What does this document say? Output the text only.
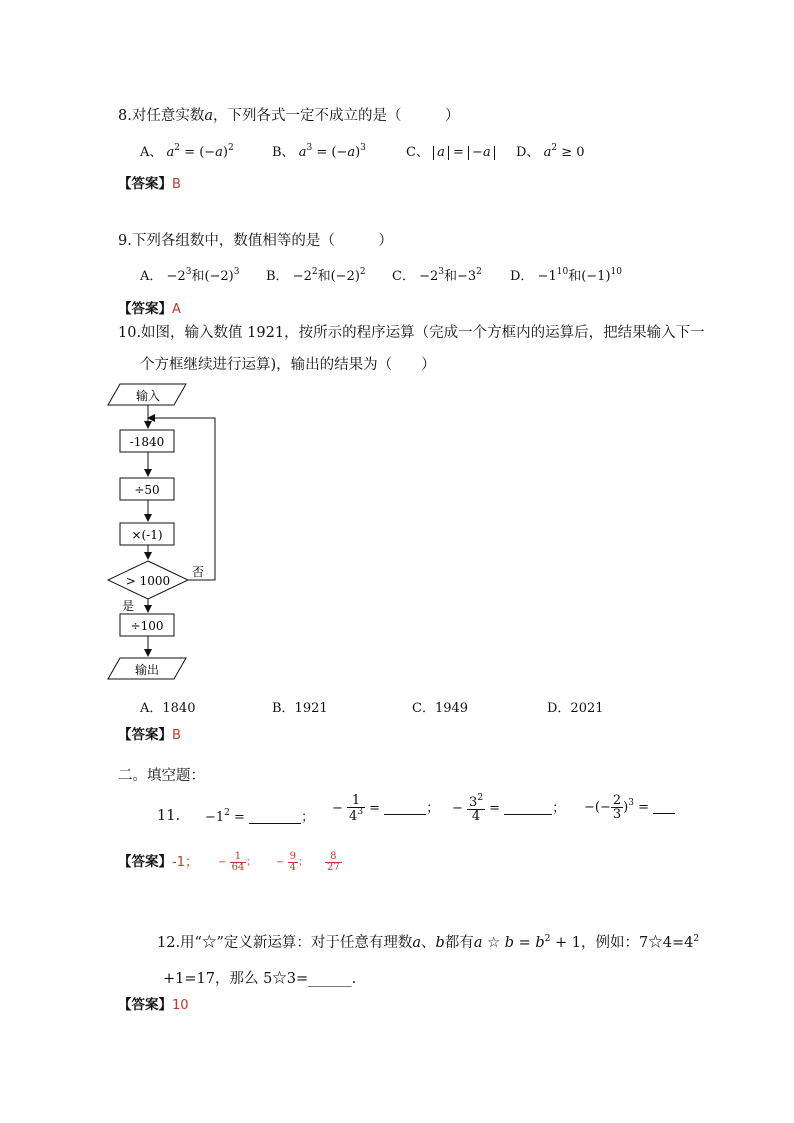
8.对任意实数a，下列各式一定不成立的是（　　　）
A、 $a^2 = (-a)^2$	B、 $a^3 = (-a)^3$	C、 a = −a	D、 $a^2 \ge 0$
【答案】B
9.下列各组数中，数值相等的是（　　　）
A． $-2^3$和$(-2)^3$ B． $-2^2$和$(-2)^2$ C． $-2^3$和$-3^2$ D． $-1^{10}$和$(-1)^{10}$
【答案】A
10.如图，输入数值 1921，按所示的程序运算（完成一个方框内的运算后，把结果输入下一
个方框继续进行运算)，输出的结果为（　　）
输入
-1840
÷50
×(-1)
> 1000
否
是
÷100
输出
A．1840	B．1921	C．1949	D．2021
【答案】B
二。填空题：
11. $-1^2$ =	；
− $\frac{1}{4^3}$ =	； − $\frac{3^2}{4}$ =	； −(− $\frac{2}{3} )^3$ =
【答案】-1； − $\frac{1}{64}$ ； − $\frac{9}{4}$ ； $\frac{8}{27}$
12.用“☆”定义新运算：对于任意有理数a、b都有a ☆ $b = b^2 + 1$，例如：$7☆4=4^2$
+1=17，那么 5☆3=______.
【答案】10
